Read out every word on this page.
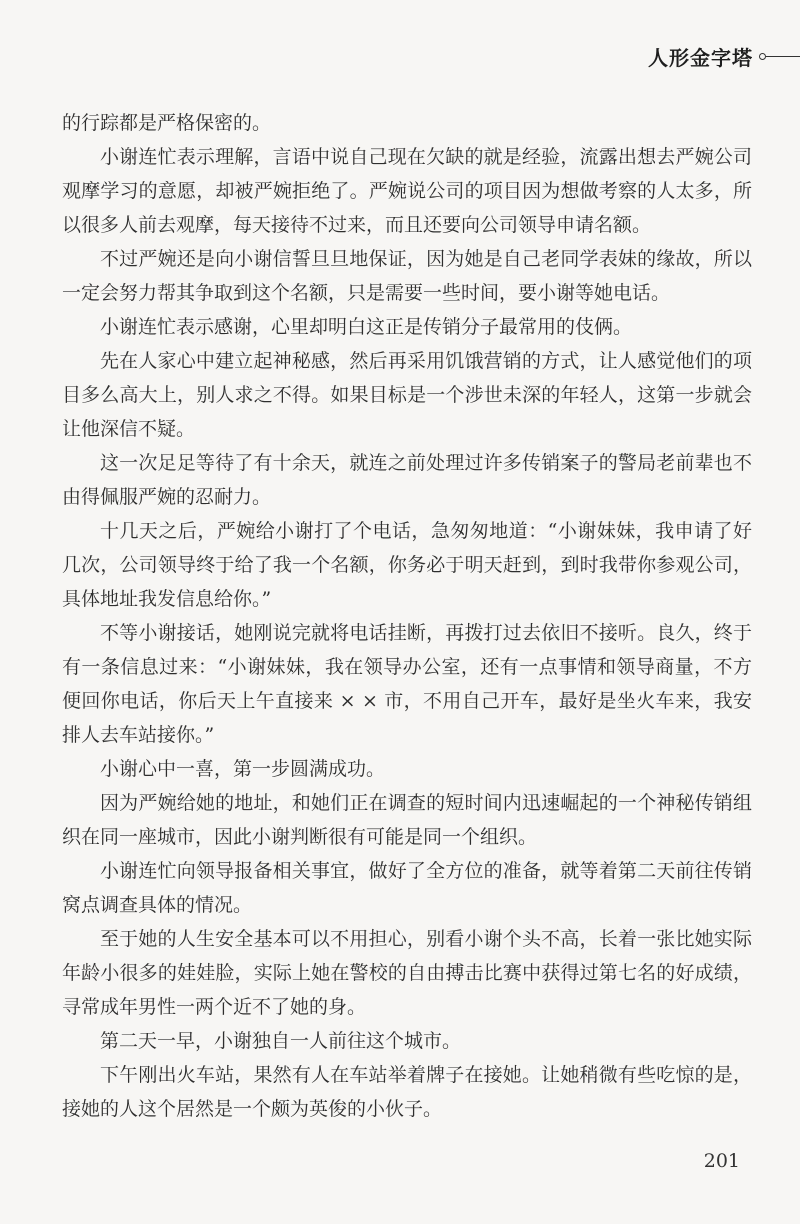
人形金字塔

的行踪都是严格保密的。

小谢连忙表示理解，言语中说自己现在欠缺的就是经验，流露出想去严婉公司观摩学习的意愿，却被严婉拒绝了。严婉说公司的项目因为想做考察的人太多，所以很多人前去观摩，每天接待不过来，而且还要向公司领导申请名额。

不过严婉还是向小谢信誓旦旦地保证，因为她是自己老同学表妹的缘故，所以一定会努力帮其争取到这个名额，只是需要一些时间，要小谢等她电话。

小谢连忙表示感谢，心里却明白这正是传销分子最常用的伎俩。

先在人家心中建立起神秘感，然后再采用饥饿营销的方式，让人感觉他们的项目多么高大上，别人求之不得。如果目标是一个涉世未深的年轻人，这第一步就会让他深信不疑。

这一次足足等待了有十余天，就连之前处理过许多传销案子的警局老前辈也不由得佩服严婉的忍耐力。

十几天之后，严婉给小谢打了个电话，急匆匆地道：“小谢妹妹，我申请了好几次，公司领导终于给了我一个名额，你务必于明天赶到，到时我带你参观公司，具体地址我发信息给你。”

不等小谢接话，她刚说完就将电话挂断，再拨打过去依旧不接听。良久，终于有一条信息过来：“小谢妹妹，我在领导办公室，还有一点事情和领导商量，不方便回你电话，你后天上午直接来 × × 市，不用自己开车，最好是坐火车来，我安排人去车站接你。”

小谢心中一喜，第一步圆满成功。

因为严婉给她的地址，和她们正在调查的短时间内迅速崛起的一个神秘传销组织在同一座城市，因此小谢判断很有可能是同一个组织。

小谢连忙向领导报备相关事宜，做好了全方位的准备，就等着第二天前往传销窝点调查具体的情况。

至于她的人生安全基本可以不用担心，别看小谢个头不高，长着一张比她实际年龄小很多的娃娃脸，实际上她在警校的自由搏击比赛中获得过第七名的好成绩，寻常成年男性一两个近不了她的身。

第二天一早，小谢独自一人前往这个城市。

下午刚出火车站，果然有人在车站举着牌子在接她。让她稍微有些吃惊的是，接她的人这个居然是一个颇为英俊的小伙子。

201
